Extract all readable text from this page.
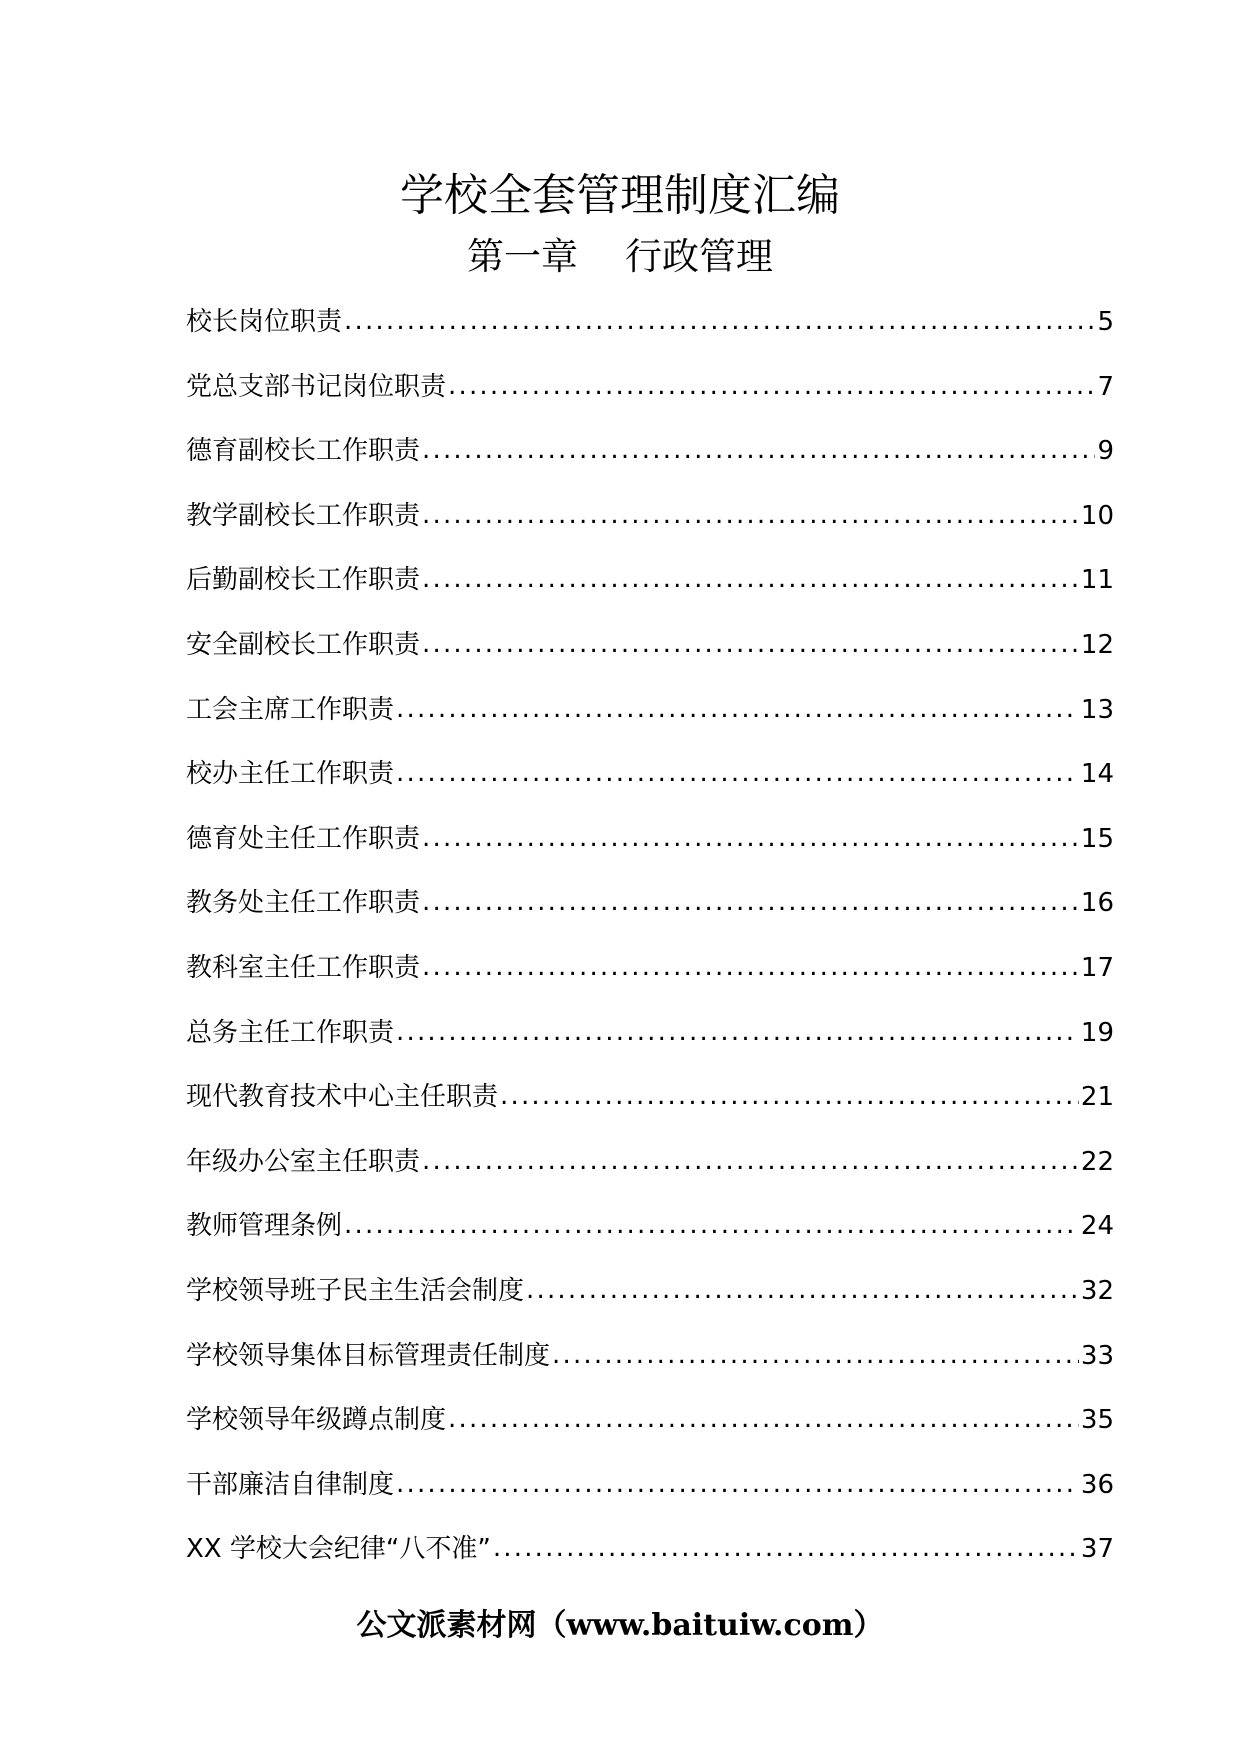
学校全套管理制度汇编
第一章    行政管理
校长岗位职责 .....	5
党总支部书记岗位职责 .....	7
德育副校长工作职责 .....	9
教学副校长工作职责 .....	10
后勤副校长工作职责 .....	11
安全副校长工作职责 .....	12
工会主席工作职责 .....	13
校办主任工作职责 .....	14
德育处主任工作职责 .....	15
教务处主任工作职责 .....	16
教科室主任工作职责 .....	17
总务主任工作职责 .....	19
现代教育技术中心主任职责 .....	21
年级办公室主任职责 .....	22
教师管理条例 .....	24
学校领导班子民主生活会制度 .....	32
学校领导集体目标管理责任制度 .....	33
学校领导年级蹲点制度 .....	35
干部廉洁自律制度 .....	36
XX 学校大会纪律“八不准” .....	37
公文派素材网（www.baituiw.com）
